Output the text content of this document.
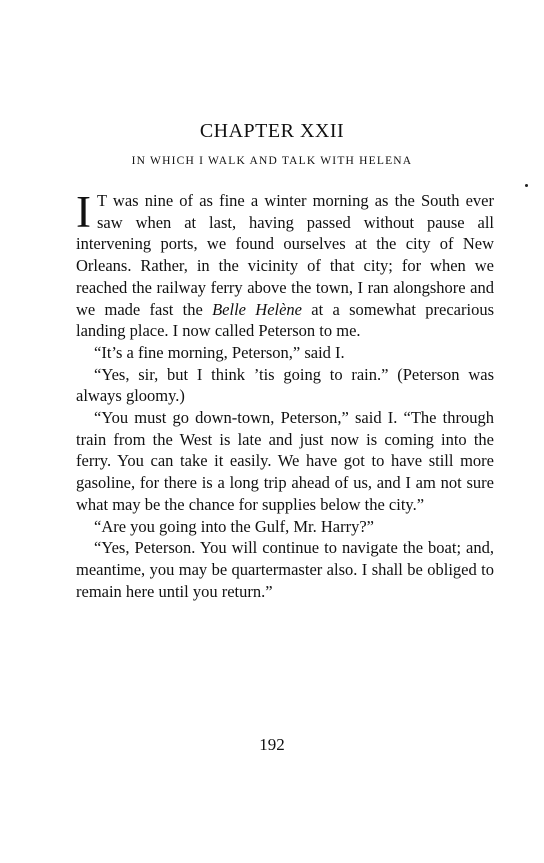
CHAPTER XXII
IN WHICH I WALK AND TALK WITH HELENA

I T was nine of as fine a winter morning as the South ever saw when at last, having passed without pause all intervening ports, we found ourselves at the city of New Orleans. Rather, in the vicinity of that city; for when we reached the railway ferry above the town, I ran alongshore and we made fast the Belle Helène at a somewhat precarious landing place. I now called Peterson to me.

“It’s a fine morning, Peterson,” said I.

“Yes, sir, but I think ’tis going to rain.” (Peterson was always gloomy.)

“You must go down-town, Peterson,” said I. “The through train from the West is late and just now is coming into the ferry. You can take it easily. We have got to have still more gasoline, for there is a long trip ahead of us, and I am not sure what may be the chance for supplies below the city.”

“Are you going into the Gulf, Mr. Harry?”

“Yes, Peterson. You will continue to navigate the boat; and, meantime, you may be quartermaster also. I shall be obliged to remain here until you return.”

192
